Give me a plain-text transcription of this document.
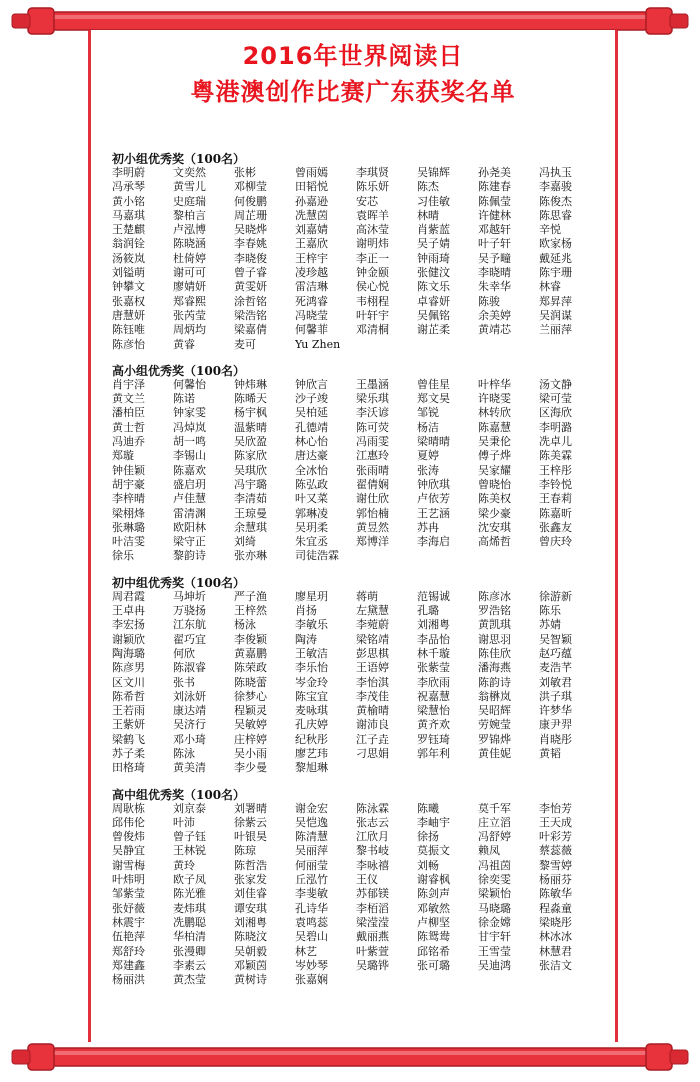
2016年世界阅读日
粤港澳创作比赛广东获奖名单
初小组优秀奖（100名）
李明蔚	文奕然	张彬	曾雨嫣	李琪贤	吴锦辉	孙尧美	冯执玉
冯承琴	黄雪儿	邓柳莹	田韬悦	陈乐妍	陈杰	陈建春	李嘉骏
黄小铭	史庭瑞	何俊鹏	孙嘉逊	安芯	习佳敏	陈佩莹	陈俊杰
马嘉琪	黎柏言	周芷珊	冼慧茵	袁晖羊	林晴	许健林	陈思睿
王楚麒	卢泓博	吴晓烨	刘嘉婧	高沐莹	肖紫蓝	邓越轩	辛悦
翁润铨	陈晓涵	李春姚	王嘉欣	谢明炜	吴子婧	叶子轩	欧家杨
汤筱岚	杜倚婷	李晓俊	王梓宇	李正一	钟雨琦	吴予疃	戴延兆
刘镒萌	谢可可	曾子睿	凌珍越	钟金颐	张健汶	李晓晴	陈宇珊
钟攀文	廖婧妍	黄雯妍	雷洁琳	侯心悦	陈文乐	朱幸华	林睿
张嘉权	郑睿熙	涂哲铭	死鸿睿	韦栩程	卓睿妍	陈骏	郑昇萍
唐慧妍	张芮莹	梁浩铭	冯晓莹	叶轩宇	吴佩铭	余美婷	吴润谋
陈钰唯	周炳均	梁嘉倩	何馨菲	邓清桐	谢芷柔	黄靖芯	兰丽萍
陈彦怡	黄睿	麦可	Yu Zhen
高小组优秀奖（100名）
肖宇泽	何馨怡	钟炜琳	钟欣言	王墨涵	曾佳星	叶梓华	汤文静
黄文兰	陈诺	陈晞天	沙子竣	梁乐琪	郑文昊	许晓雯	梁可莹
潘柏臣	钟家雯	杨宇枫	吴柏延	李沃谚	邹锐	林转欣	区海欣
黄士哲	冯焯岚	温紫晴	孔德靖	陈可荧	杨洁	陈嘉慧	李明潞
冯迪乔	胡一鸣	吴欣盈	林心怡	冯雨雯	梁晴晴	吴秉伦	冼卓儿
郑璇	李锡山	陈家欣	唐达豪	江惠玲	夏婷	傅子烨	陈美霖
钟佳颖	陈嘉欢	吴琪欣	全冰怡	张雨晴	张涛	吴家耀	王梓彤
胡宇豪	盛启玥	冯宇璐	陈弘政	翟倩娴	钟欣琪	曾晓怡	李铃悦
李梓晴	卢佳慧	李清茹	叶又菜	谢仕欣	卢依芳	陈美权	王春莉
梁栩烽	雷清渊	王琼曼	郭琳凌	郭怡楠	王艺涵	梁少豪	陈嘉昕
张琳璐	欧阳林	余慧琪	吴玥柔	黄昱然	苏冉	沈安琪	张鑫友
叶洁雯	梁守正	刘绮	朱宜丞	郑博洋	李海启	高烯哲	曾庆玲
徐乐	黎韵诗	张亦琳	司徒浩霖
初中组优秀奖（100名）
周君霞	马坤圻	严子渔	廖星玥	蒋萌	范锡诚	陈彦冰	徐游新
王卓冉	万骁扬	王梓然	肖扬	左黛慧	孔璐	罗浩铭	陈乐
李宏扬	江东航	杨泳	李敏乐	李菀蔚	刘湘粤	黄凯琪	苏婧
谢颖欣	翟巧宜	李俊颖	陶涛	梁铭靖	李品怡	谢思羽	吴智颖
陶海璐	何欣	黄嘉鹏	王敏洁	彭思棋	林千璇	陈佳欣	赵巧蕴
陈彦男	陈淑睿	陈荣政	李乐怡	王语婷	张紫莹	潘海燕	麦浩芊
区文川	张书	陈晓蕾	岑金玲	李怡淇	李欣雨	陈韵诗	刘敏君
陈希哲	刘泳妍	徐梦心	陈宝宜	李茂佳	祝嘉慧	翁楙岚	洪子琪
王若雨	康达靖	程颖灵	麦咏琪	黄榆晴	梁慧怡	吴昭辉	许梦华
王紫妍	吴济行	吴敏婷	孔庆婷	谢沛良	黄齐欢	劳婉莹	康尹羿
梁鹤飞	邓小琦	庄梓婷	纪秋彤	江子垚	罗钰琦	罗锦烨	肖晓彤
苏子柔	陈泳	吴小雨	廖艺玮	刁思娟	郭年利	黄佳妮	黄韬
田格琦	黄美清	李少曼	黎旭琳
高中组优秀奖（100名）
周耿栋	刘京泰	刘署晴	谢金宏	陈泳霖	陈曦	莫千军	李怡芳
邱伟伦	叶沛	徐紫云	吴恺逸	张志云	李岫宇	庄立滔	王天成
曾俊炜	曾子钰	叶银昊	陈清慧	江欣月	徐扬	冯舒婷	叶彩芳
吴静宜	王林锐	陈琼	吴丽萍	黎书岐	莫振文	赖凤	蔡蕊薇
谢雪梅	黄玲	陈哲浩	何丽莹	李咏禧	刘畅	冯祖茵	黎雪婷
叶炜明	欧子凤	张家发	丘泓竹	王仪	谢睿枫	徐奕雯	杨丽芬
邹紫莹	陈光雅	刘佳睿	李斐敏	苏郁镁	陈剑声	梁颖怡	陈敏华
张妤薇	麦炜琪	谭安琪	孔诗华	李栢滔	邓敏然	马晓璐	程淼童
林震宇	冼鹏聪	刘湘粤	袁鸣蕊	梁滢滢	卢柳坚	徐金嫦	梁晓彤
伍艳萍	华柏清	陈晓汶	吴碧山	戴丽燕	陈鸳鸯	甘宇轩	林冰冰
郑舒玲	张漫卿	吴朝毅	林艺	叶紫萱	邱铭希	王雪莹	林慧君
郑建鑫	李素云	邓颖茵	岑妙琴	吴璐铧	张可璐	吴迪鸿	张洁文
杨丽洪	黄杰莹	黄树诗	张嘉娴
